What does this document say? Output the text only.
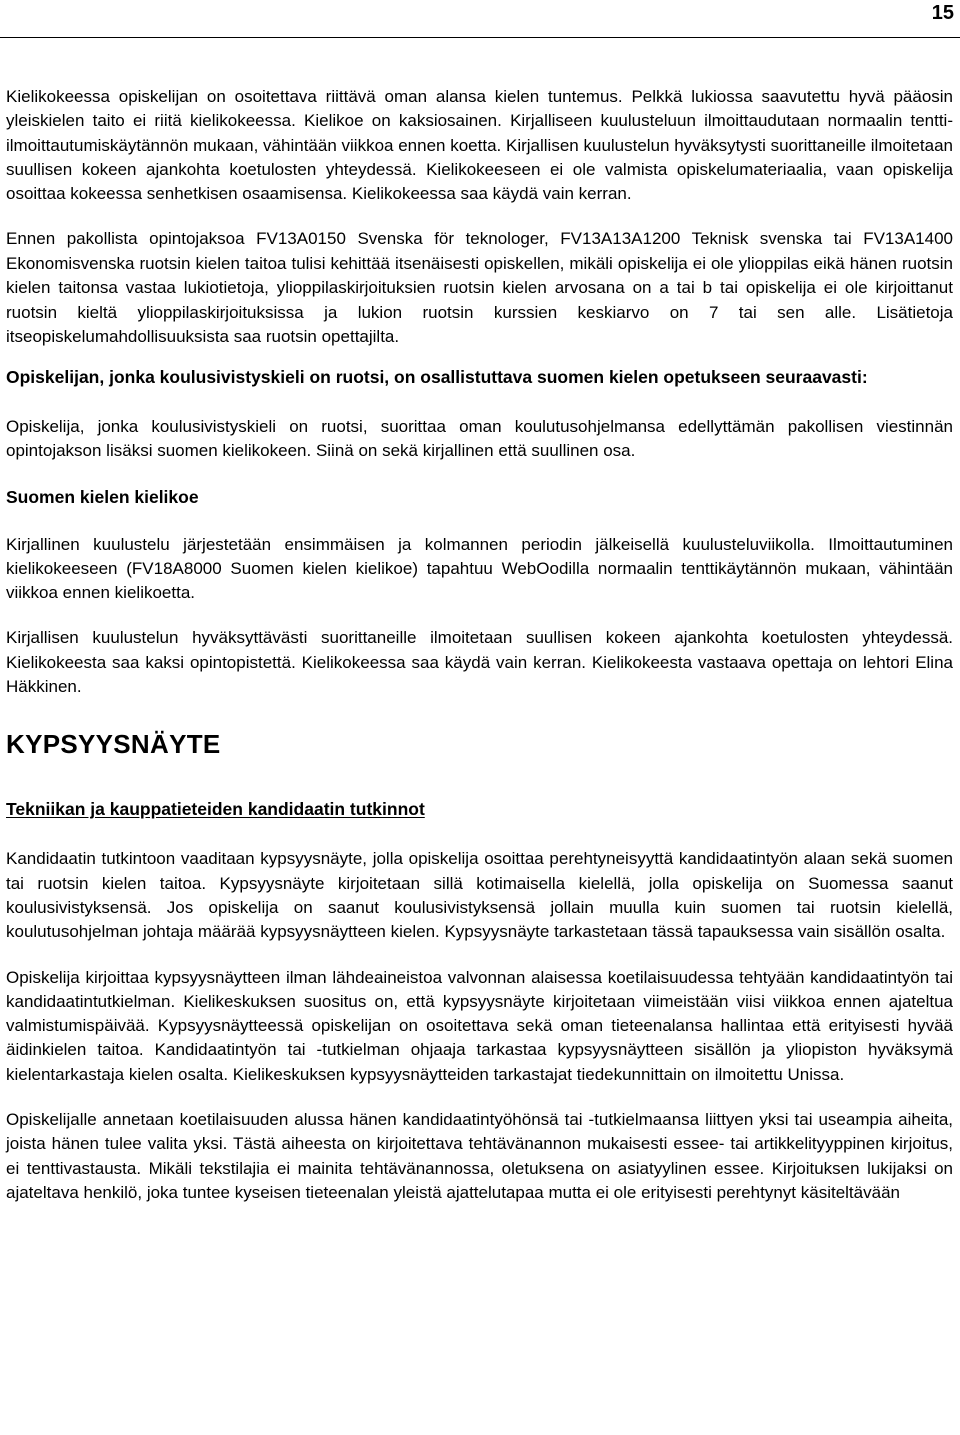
15

Kielikokeessa opiskelijan on osoitettava riittävä oman alansa kielen tuntemus. Pelkkä lukiossa saavutettu hyvä pääosin yleiskielen taito ei riitä kielikokeessa. Kielikoe on kaksiosainen. Kirjalliseen kuulusteluun ilmoittaudutaan normaalin tentti-ilmoittautumiskäytännön mukaan, vähintään viikkoa ennen koetta. Kirjallisen kuulustelun hyväksytysti suorittaneille ilmoitetaan suullisen kokeen ajankohta koetulosten yhteydessä. Kielikokeeseen ei ole valmista opiskelumateriaalia, vaan opiskelija osoittaa kokeessa senhetkisen osaamisensa. Kielikokeessa saa käydä vain kerran.

Ennen pakollista opintojaksoa FV13A0150 Svenska för teknologer, FV13A13A1200 Teknisk svenska tai FV13A1400 Ekonomisvenska ruotsin kielen taitoa tulisi kehittää itsenäisesti opiskellen, mikäli opiskelija ei ole ylioppilas eikä hänen ruotsin kielen taitonsa vastaa lukiotietoja, ylioppilaskirjoituksien ruotsin kielen arvosana on a tai b tai opiskelija ei ole kirjoittanut ruotsin kieltä ylioppilaskirjoituksissa ja lukion ruotsin kurssien keskiarvo on 7 tai sen alle. Lisätietoja itseopiskelumahdollisuuksista saa ruotsin opettajilta.

Opiskelijan, jonka koulusivistyskieli on ruotsi, on osallistuttava suomen kielen opetukseen seuraavasti:

Opiskelija, jonka koulusivistyskieli on ruotsi, suorittaa oman koulutusohjelmansa edellyttämän pakollisen viestinnän opintojakson lisäksi suomen kielikokeen. Siinä on sekä kirjallinen että suullinen osa.

Suomen kielen kielikoe

Kirjallinen kuulustelu järjestetään ensimmäisen ja kolmannen periodin jälkeisellä kuulusteluviikolla. Ilmoittautuminen kielikokeeseen (FV18A8000 Suomen kielen kielikoe) tapahtuu WebOodilla normaalin tenttikäytännön mukaan, vähintään viikkoa ennen kielikoetta.

Kirjallisen kuulustelun hyväksyttävästi suorittaneille ilmoitetaan suullisen kokeen ajankohta koetulosten yhteydessä. Kielikokeesta saa kaksi opintopistettä. Kielikokeessa saa käydä vain kerran. Kielikokeesta vastaava opettaja on lehtori Elina Häkkinen.

KYPSYYSNÄYTE
Tekniikan ja kauppatieteiden kandidaatin tutkinnot

Kandidaatin tutkintoon vaaditaan kypsyysnäyte, jolla opiskelija osoittaa perehtyneisyyttä kandidaatintyön alaan sekä suomen tai ruotsin kielen taitoa. Kypsyysnäyte kirjoitetaan sillä kotimaisella kielellä, jolla opiskelija on Suomessa saanut koulusivistyksensä. Jos opiskelija on saanut koulusivistyksensä jollain muulla kuin suomen tai ruotsin kielellä, koulutusohjelman johtaja määrää kypsyysnäytteen kielen. Kypsyysnäyte tarkastetaan tässä tapauksessa vain sisällön osalta.

Opiskelija kirjoittaa kypsyysnäytteen ilman lähdeaineistoa valvonnan alaisessa koetilaisuudessa tehtyään kandidaatintyön tai kandidaatintutkielman. Kielikeskuksen suositus on, että kypsyysnäyte kirjoitetaan viimeistään viisi viikkoa ennen ajateltua valmistumispäivää. Kypsyysnäytteessä opiskelijan on osoitettava sekä oman tieteenalansa hallintaa että erityisesti hyvää äidinkielen taitoa. Kandidaatintyön tai -tutkielman ohjaaja tarkastaa kypsyysnäytteen sisällön ja yliopiston hyväksymä kielentarkastaja kielen osalta. Kielikeskuksen kypsyysnäytteiden tarkastajat tiedekunnittain on ilmoitettu Unissa.

Opiskelijalle annetaan koetilaisuuden alussa hänen kandidaatintyöhönsä tai -tutkielmaansa liittyen yksi tai useampia aiheita, joista hänen tulee valita yksi. Tästä aiheesta on kirjoitettava tehtävänannon mukaisesti essee- tai artikkelityyppinen kirjoitus, ei tenttivastausta. Mikäli tekstilajia ei mainita tehtävänannossa, oletuksena on asiatyylinen essee. Kirjoituksen lukijaksi on ajateltava henkilö, joka tuntee kyseisen tieteenalan yleistä ajattelutapaa mutta ei ole erityisesti perehtynyt käsiteltävään
